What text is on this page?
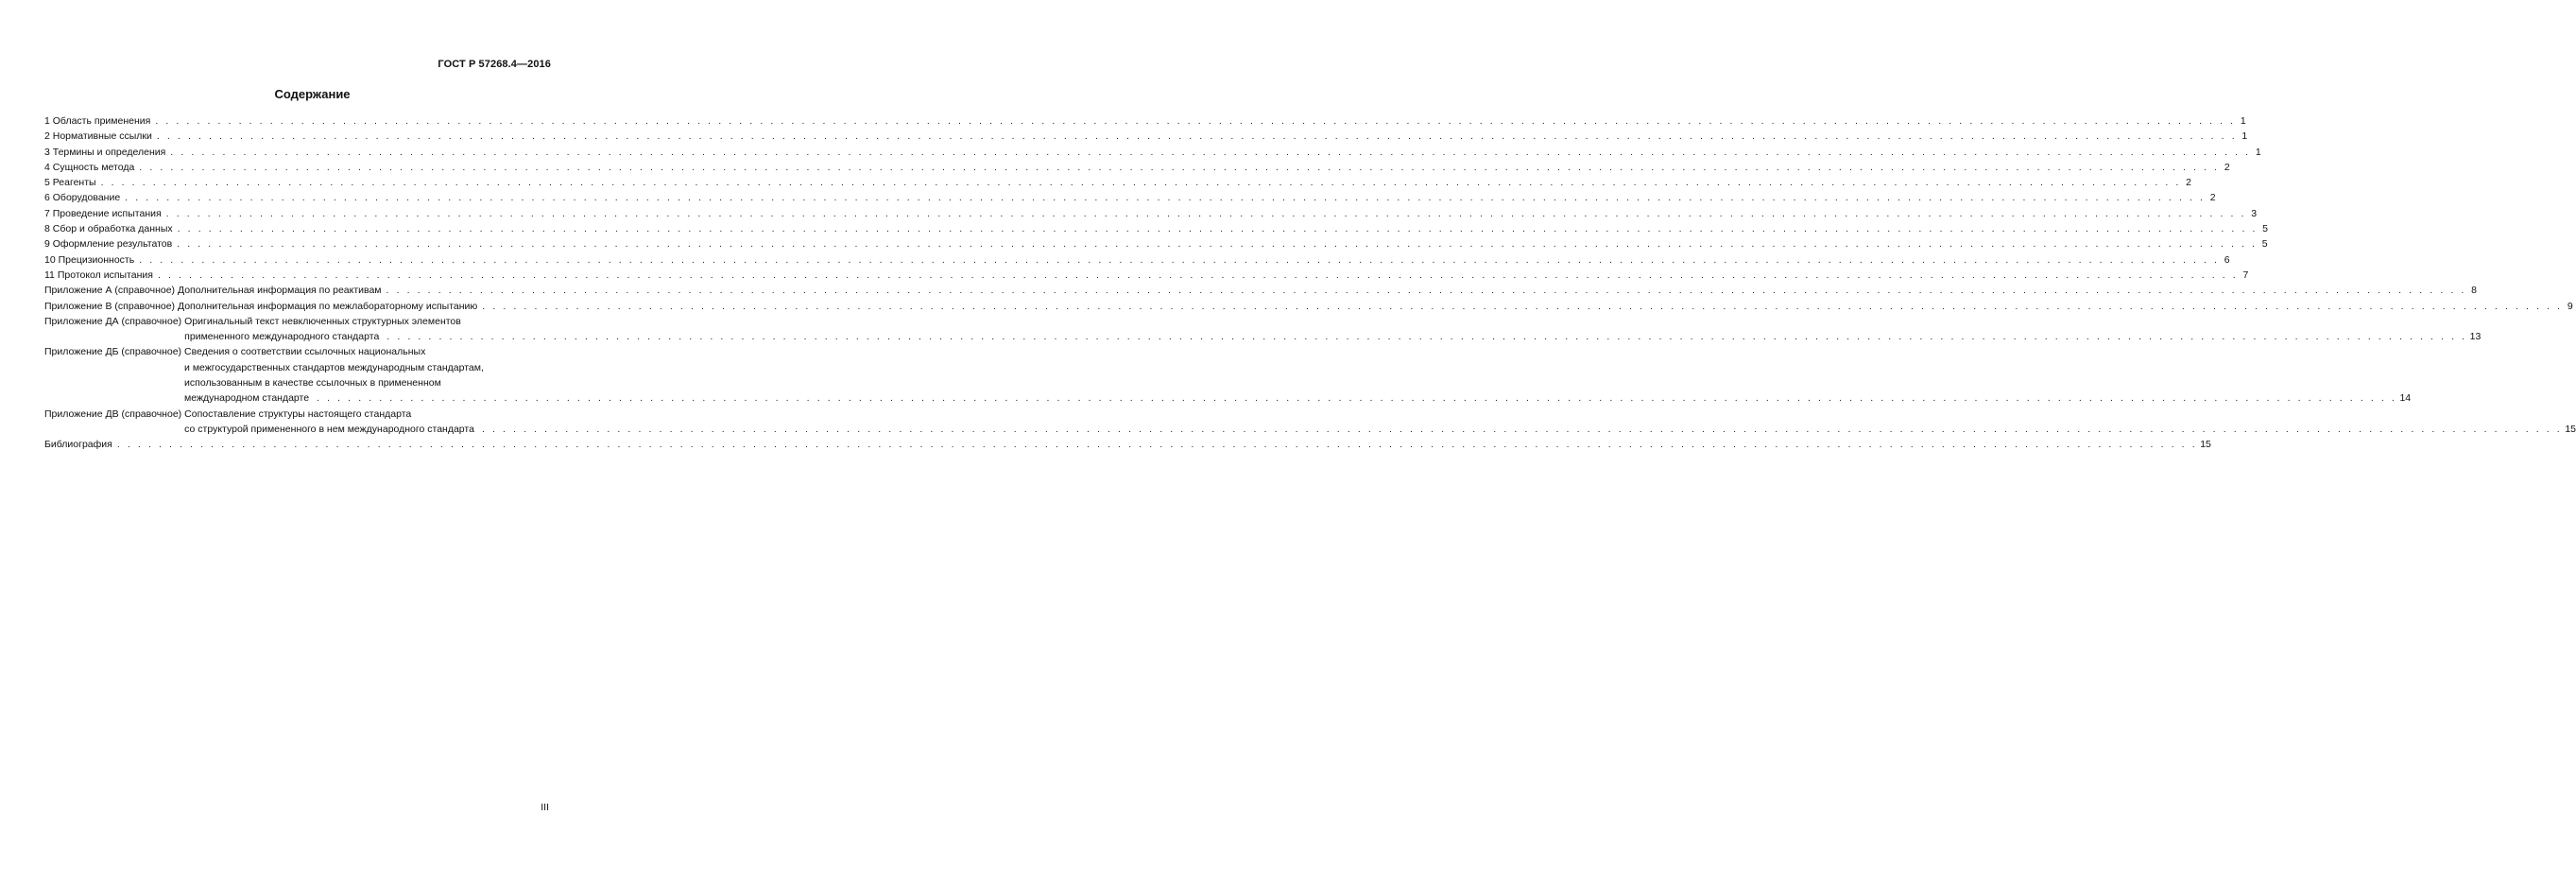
ГОСТ Р 57268.4—2016
Содержание
1 Область применения . . . . . . . . . . . . . . . . . . . . . . . . . . . . . . . . . . . . . . . . . . . . . . . . . . . . . . . . . . . . . . . . . . . . . . . . . . . . . . . . . . . . . . . . . . . . . . . . . . . . . . . . . . . . . . . . . . . . . . . . . . . . . . . . . . . . . . . . . . . . . . . . . . . . . . . . . . . . . . . . . . . . . . . . . . . . . . . . . . . . . . . . . . . . . . . . . . . . . . . . 1
2 Нормативные ссылки . . . . . . . . . . . . . . . . . . . . . . . . . . . . . . . . . . . . . . . . . . . . . . . . . . . . . . . . . . . . . . . . . . . . . . . . . . . . . . . . . . . . . . . . . . . . . . . . . . . . . . . . . . . . . . . . . . . . . . . . . . . . . . . . . . . . . . . . . . . . . . . . . . . . . . . . . . . . . . . . . . . . . . . . . . . . . . . . . . . . . . . . . . . . . . . . . . . . . . . . 1
3 Термины и определения . . . . . . . . . . . . . . . . . . . . . . . . . . . . . . . . . . . . . . . . . . . . . . . . . . . . . . . . . . . . . . . . . . . . . . . . . . . . . . . . . . . . . . . . . . . . . . . . . . . . . . . . . . . . . . . . . . . . . . . . . . . . . . . . . . . . . . . . . . . . . . . . . . . . . . . . . . . . . . . . . . . . . . . . . . . . . . . . . . . . . . . . . . . . . . . . . . . . . . . . 1
4 Сущность метода . . . . . . . . . . . . . . . . . . . . . . . . . . . . . . . . . . . . . . . . . . . . . . . . . . . . . . . . . . . . . . . . . . . . . . . . . . . . . . . . . . . . . . . . . . . . . . . . . . . . . . . . . . . . . . . . . . . . . . . . . . . . . . . . . . . . . . . . . . . . . . . . . . . . . . . . . . . . . . . . . . . . . . . . . . . . . . . . . . . . . . . . . . . . . . . . . . . . . . . . 2
5 Реагенты . . . . . . . . . . . . . . . . . . . . . . . . . . . . . . . . . . . . . . . . . . . . . . . . . . . . . . . . . . . . . . . . . . . . . . . . . . . . . . . . . . . . . . . . . . . . . . . . . . . . . . . . . . . . . . . . . . . . . . . . . . . . . . . . . . . . . . . . . . . . . . . . . . . . . . . . . . . . . . . . . . . . . . . . . . . . . . . . . . . . . . . . . . . . . . . . . . . . . . . . 2
6 Оборудование . . . . . . . . . . . . . . . . . . . . . . . . . . . . . . . . . . . . . . . . . . . . . . . . . . . . . . . . . . . . . . . . . . . . . . . . . . . . . . . . . . . . . . . . . . . . . . . . . . . . . . . . . . . . . . . . . . . . . . . . . . . . . . . . . . . . . . . . . . . . . . . . . . . . . . . . . . . . . . . . . . . . . . . . . . . . . . . . . . . . . . . . . . . . . . . . . . . . . . . . 2
7 Проведение испытания . . . . . . . . . . . . . . . . . . . . . . . . . . . . . . . . . . . . . . . . . . . . . . . . . . . . . . . . . . . . . . . . . . . . . . . . . . . . . . . . . . . . . . . . . . . . . . . . . . . . . . . . . . . . . . . . . . . . . . . . . . . . . . . . . . . . . . . . . . . . . . . . . . . . . . . . . . . . . . . . . . . . . . . . . . . . . . . . . . . . . . . . . . . . . . . . . . . . . . . . 3
8 Сбор и обработка данных . . . . . . . . . . . . . . . . . . . . . . . . . . . . . . . . . . . . . . . . . . . . . . . . . . . . . . . . . . . . . . . . . . . . . . . . . . . . . . . . . . . . . . . . . . . . . . . . . . . . . . . . . . . . . . . . . . . . . . . . . . . . . . . . . . . . . . . . . . . . . . . . . . . . . . . . . . . . . . . . . . . . . . . . . . . . . . . . . . . . . . . . . . . . . . . . . . . . . . . . 5
9 Оформление результатов . . . . . . . . . . . . . . . . . . . . . . . . . . . . . . . . . . . . . . . . . . . . . . . . . . . . . . . . . . . . . . . . . . . . . . . . . . . . . . . . . . . . . . . . . . . . . . . . . . . . . . . . . . . . . . . . . . . . . . . . . . . . . . . . . . . . . . . . . . . . . . . . . . . . . . . . . . . . . . . . . . . . . . . . . . . . . . . . . . . . . . . . . . . . . . . . . . . . . . . . 5
10 Прецизионность . . . . . . . . . . . . . . . . . . . . . . . . . . . . . . . . . . . . . . . . . . . . . . . . . . . . . . . . . . . . . . . . . . . . . . . . . . . . . . . . . . . . . . . . . . . . . . . . . . . . . . . . . . . . . . . . . . . . . . . . . . . . . . . . . . . . . . . . . . . . . . . . . . . . . . . . . . . . . . . . . . . . . . . . . . . . . . . . . . . . . . . . . . . . . . . . . . . . . . . . 6
11 Протокол испытания . . . . . . . . . . . . . . . . . . . . . . . . . . . . . . . . . . . . . . . . . . . . . . . . . . . . . . . . . . . . . . . . . . . . . . . . . . . . . . . . . . . . . . . . . . . . . . . . . . . . . . . . . . . . . . . . . . . . . . . . . . . . . . . . . . . . . . . . . . . . . . . . . . . . . . . . . . . . . . . . . . . . . . . . . . . . . . . . . . . . . . . . . . . . . . . . . . . . . . . . 7
Приложение А (справочное) Дополнительная информация по реактивам . . . . . . . . . . . . . . . . . . . . . . . . . . . . . . . . . . . . . . . . . . . . . . . . . . . . . . . . . . . . . . . . . . . . . . . . . . . . . . . . . . . . . . . . . . . . . . . . . . . . . . . . . . . . . . . . . . . . . . . . . . . . . . . . . . . . . . . . . . . . . . . . . . . . . . . . . . . . . . . . . . . . . . . . . . . . . . . . . . . . . . . . . . . . . . . . . . . . . . . . 8
Приложение В (справочное) Дополнительная информация по межлабораторному испытанию . . . . . . . . . . . . . . . . . . . . . . . . . . . . . . . . . . . . . . . . . . . . . . . . . . . . . . . . . . . . . . . . . . . . . . . . . . . . . . . . . . . . . . . . . . . . . . . . . . . . . . . . . . . . . . . . . . . . . . . . . . . . . . . . . . . . . . . . . . . . . . . . . . . . . . . . . . . . . . . . . . . . . . . . . . . . . . . . . . . . . . . . . . . . . . . . . . . . . . . . 9
Приложение ДА (справочное) Оригинальный текст невключенных структурных элементов
примененного международного стандарта . . . . . . . . . . . . . . . . . . . . . . . . . . . . . . . . . . . . . . . . . . . . . . . . . . . . . . . . . . . . . . . . . . . . . . . . . . . . . . . . . . . . . . . . . . . . . . . . . . . . . . . . . . . . . . . . . . . . . . . . . . . . . . . . . . . . . . . . . . . . . . . . . . . . . . . . . . . . . . . . . . . . . . . . . . . . . . . . . . . . . . . . . . . . . . . . . . . . . . . . 13
Приложение ДБ (справочное) Сведения о соответствии ссылочных национальных
и межгосударственных стандартов международным стандартам,
использованным в качестве ссылочных в примененном
международном стандарте . . . . . . . . . . . . . . . . . . . . . . . . . . . . . . . . . . . . . . . . . . . . . . . . . . . . . . . . . . . . . . . . . . . . . . . . . . . . . . . . . . . . . . . . . . . . . . . . . . . . . . . . . . . . . . . . . . . . . . . . . . . . . . . . . . . . . . . . . . . . . . . . . . . . . . . . . . . . . . . . . . . . . . . . . . . . . . . . . . . . . . . . . . . . . . . . . . . . . . . . 14
Приложение ДВ (справочное) Сопоставление структуры настоящего стандарта
со структурой примененного в нем международного стандарта . . . . . . . . . . . . . . . . . . . . . . . . . . . . . . . . . . . . . . . . . . . . . . . . . . . . . . . . . . . . . . . . . . . . . . . . . . . . . . . . . . . . . . . . . . . . . . . . . . . . . . . . . . . . . . . . . . . . . . . . . . . . . . . . . . . . . . . . . . . . . . . . . . . . . . . . . . . . . . . . . . . . . . . . . . . . . . . . . . . . . . . . . . . . . . . . . . . . . . . . 15
Библиография . . . . . . . . . . . . . . . . . . . . . . . . . . . . . . . . . . . . . . . . . . . . . . . . . . . . . . . . . . . . . . . . . . . . . . . . . . . . . . . . . . . . . . . . . . . . . . . . . . . . . . . . . . . . . . . . . . . . . . . . . . . . . . . . . . . . . . . . . . . . . . . . . . . . . . . . . . . . . . . . . . . . . . . . . . . . . . . . . . . . . . . . . . . . . . . . . . . . . . . . 15
III
